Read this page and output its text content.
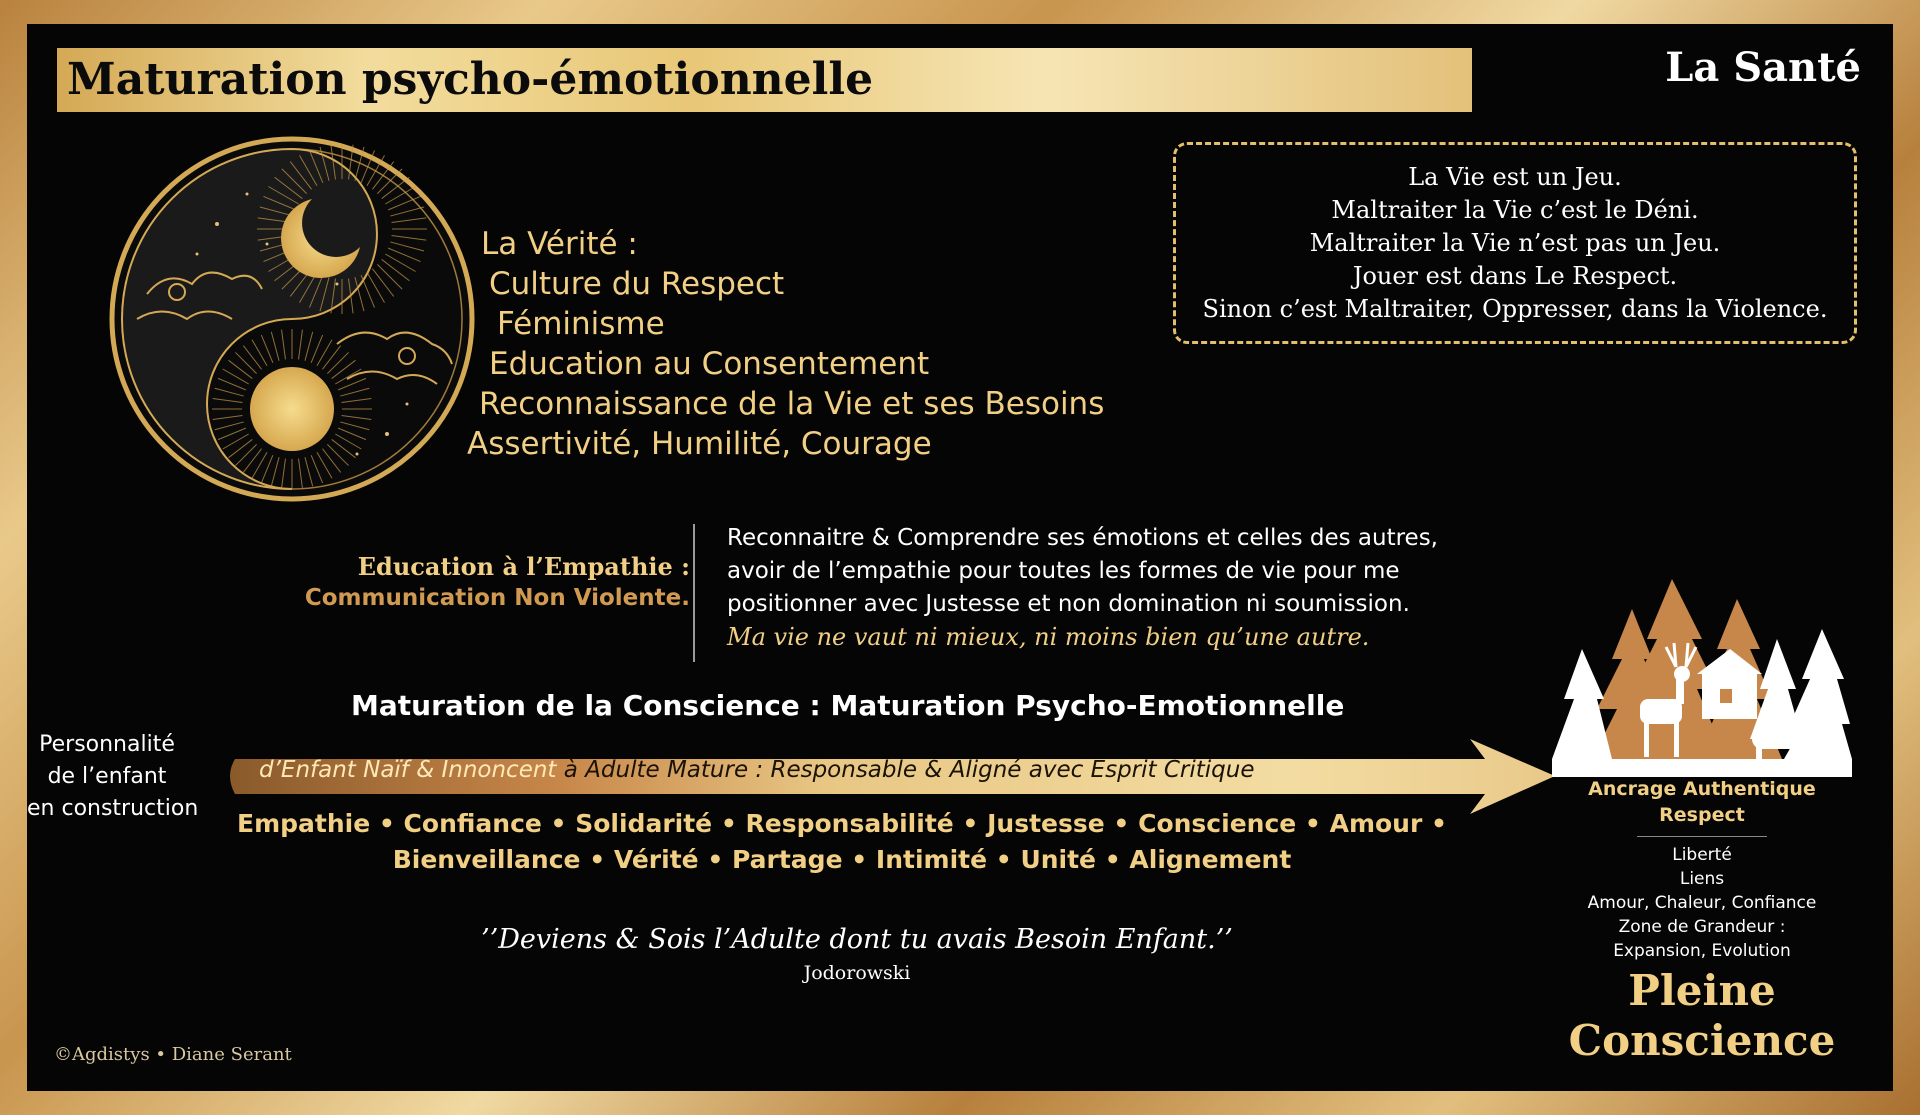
Maturation psycho-émotionnelle	La Santé
La Vérité :
Culture du Respect
Féminisme
Education au Consentement
Reconnaissance de la Vie et ses Besoins
Assertivité, Humilité, Courage
La Vie est un Jeu.
Maltraiter la Vie c’est le Déni.
Maltraiter la Vie n’est pas un Jeu.
Jouer est dans Le Respect.
Sinon c’est Maltraiter, Oppresser, dans la Violence.
Education à l’Empathie :
Communication Non Violente.
Reconnaitre & Comprendre ses émotions et celles des autres,
avoir de l’empathie pour toutes les formes de vie pour me
positionner avec Justesse et non domination ni soumission.
Ma vie ne vaut ni mieux, ni moins bien qu’une autre.
Maturation de la Conscience : Maturation Psycho-Emotionnelle
Personnalité
de l’enfant
en construction
d’Enfant Naïf & Innoncent à Adulte Mature : Responsable & Aligné avec Esprit Critique
Empathie • Confiance • Solidarité • Responsabilité • Justesse • Conscience • Amour •
Bienveillance • Vérité • Partage • Intimité • Unité • Alignement
’’Deviens & Sois l’Adulte dont tu avais Besoin Enfant.’’
Jodorowski
©Agdistys • Diane Serant
Ancrage Authentique
Respect
Liberté
Liens
Amour, Chaleur, Confiance
Zone de Grandeur :
Expansion, Evolution
Pleine
Conscience
